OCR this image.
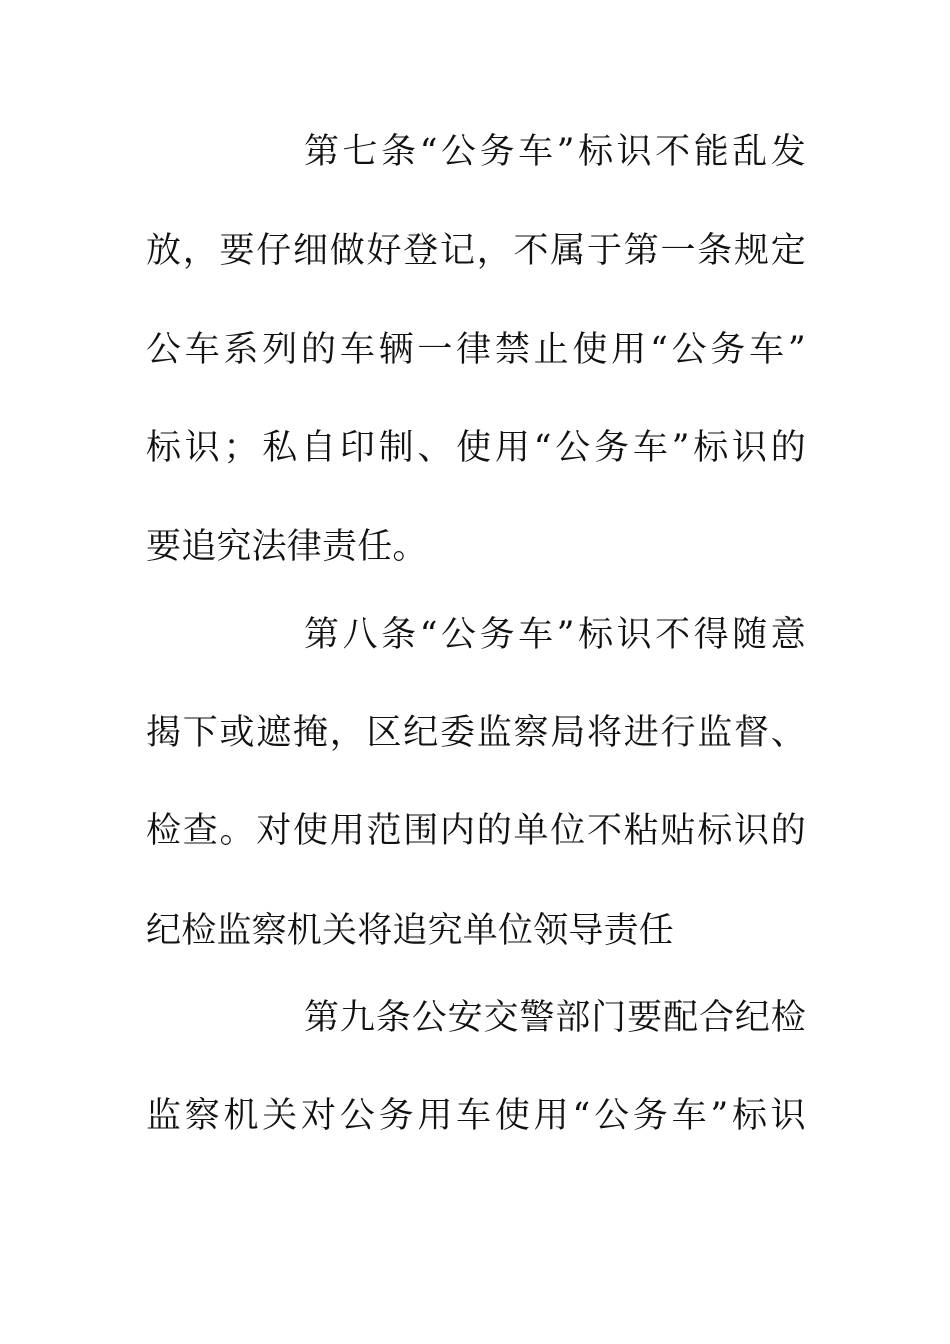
第七条“公务车”标识不能乱发
放，要仔细做好登记，不属于第一条规定
公车系列的车辆一律禁止使用“公务车”
标识；私自印制、使用“公务车”标识的
要追究法律责任。
第八条“公务车”标识不得随意
揭下或遮掩，区纪委监察局将进行监督、
检查。对使用范围内的单位不粘贴标识的
纪检监察机关将追究单位领导责任
第九条公安交警部门要配合纪检
监察机关对公务用车使用“公务车”标识
